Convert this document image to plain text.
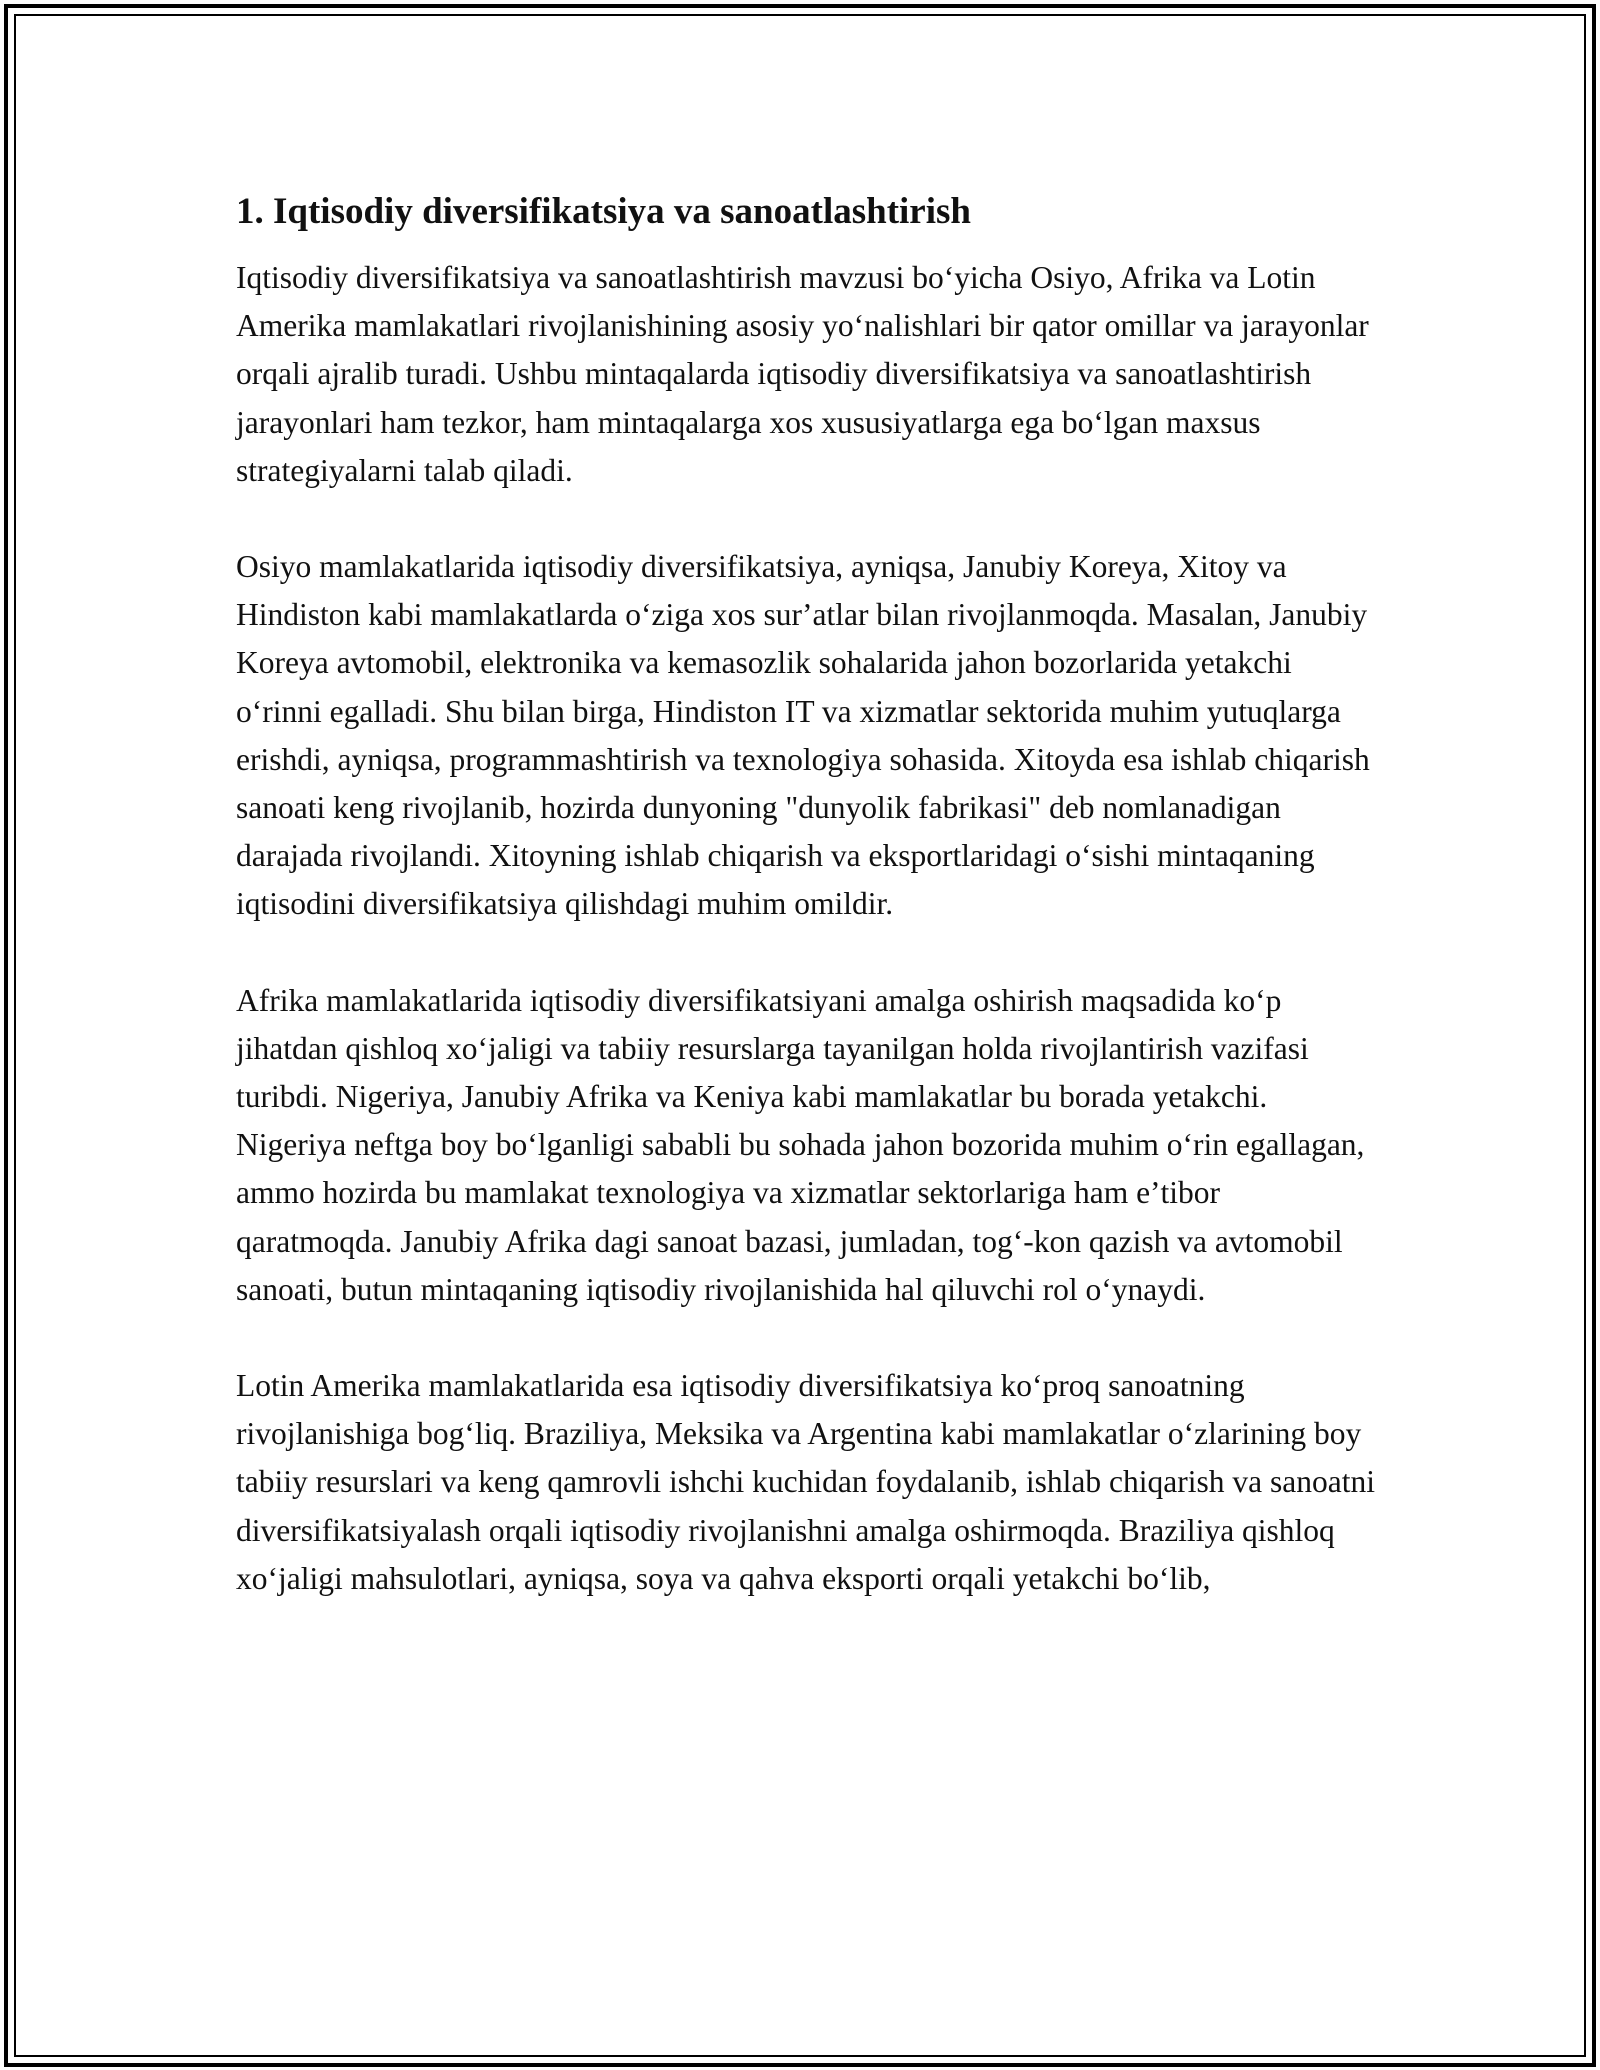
1. Iqtisodiy diversifikatsiya va sanoatlashtirish

Iqtisodiy diversifikatsiya va sanoatlashtirish mavzusi boʻyicha Osiyo, Afrika va Lotin Amerika mamlakatlari rivojlanishining asosiy yoʻnalishlari bir qator omillar va jarayonlar orqali ajralib turadi. Ushbu mintaqalarda iqtisodiy diversifikatsiya va sanoatlashtirish jarayonlari ham tezkor, ham mintaqalarga xos xususiyatlarga ega boʻlgan maxsus strategiyalarni talab qiladi.

Osiyo mamlakatlarida iqtisodiy diversifikatsiya, ayniqsa, Janubiy Koreya, Xitoy va Hindiston kabi mamlakatlarda oʻziga xos surʼatlar bilan rivojlanmoqda. Masalan, Janubiy Koreya avtomobil, elektronika va kemasozlik sohalarida jahon bozorlarida yetakchi oʻrinni egalladi. Shu bilan birga, Hindiston IT va xizmatlar sektorida muhim yutuqlarga erishdi, ayniqsa, programmashtirish va texnologiya sohasida. Xitoyda esa ishlab chiqarish sanoati keng rivojlanib, hozirda dunyoning "dunyolik fabrikasi" deb nomlanadigan darajada rivojlandi. Xitoyning ishlab chiqarish va eksportlaridagi oʻsishi mintaqaning iqtisodini diversifikatsiya qilishdagi muhim omildir.

Afrika mamlakatlarida iqtisodiy diversifikatsiyani amalga oshirish maqsadida koʻp jihatdan qishloq xoʻjaligi va tabiiy resurslarga tayanilgan holda rivojlantirish vazifasi turibdi. Nigeriya, Janubiy Afrika va Keniya kabi mamlakatlar bu borada yetakchi. Nigeriya neftga boy boʻlganligi sababli bu sohada jahon bozorida muhim oʻrin egallagan, ammo hozirda bu mamlakat texnologiya va xizmatlar sektorlariga ham eʼtibor qaratmoqda. Janubiy Afrika dagi sanoat bazasi, jumladan, togʻ-kon qazish va avtomobil sanoati, butun mintaqaning iqtisodiy rivojlanishida hal qiluvchi rol oʻynaydi.

Lotin Amerika mamlakatlarida esa iqtisodiy diversifikatsiya koʻproq sanoatning rivojlanishiga bogʻliq. Braziliya, Meksika va Argentina kabi mamlakatlar oʻzlarining boy tabiiy resurslari va keng qamrovli ishchi kuchidan foydalanib, ishlab chiqarish va sanoatni diversifikatsiyalash orqali iqtisodiy rivojlanishni amalga oshirmoqda. Braziliya qishloq xoʻjaligi mahsulotlari, ayniqsa, soya va qahva eksporti orqali yetakchi boʻlib,
